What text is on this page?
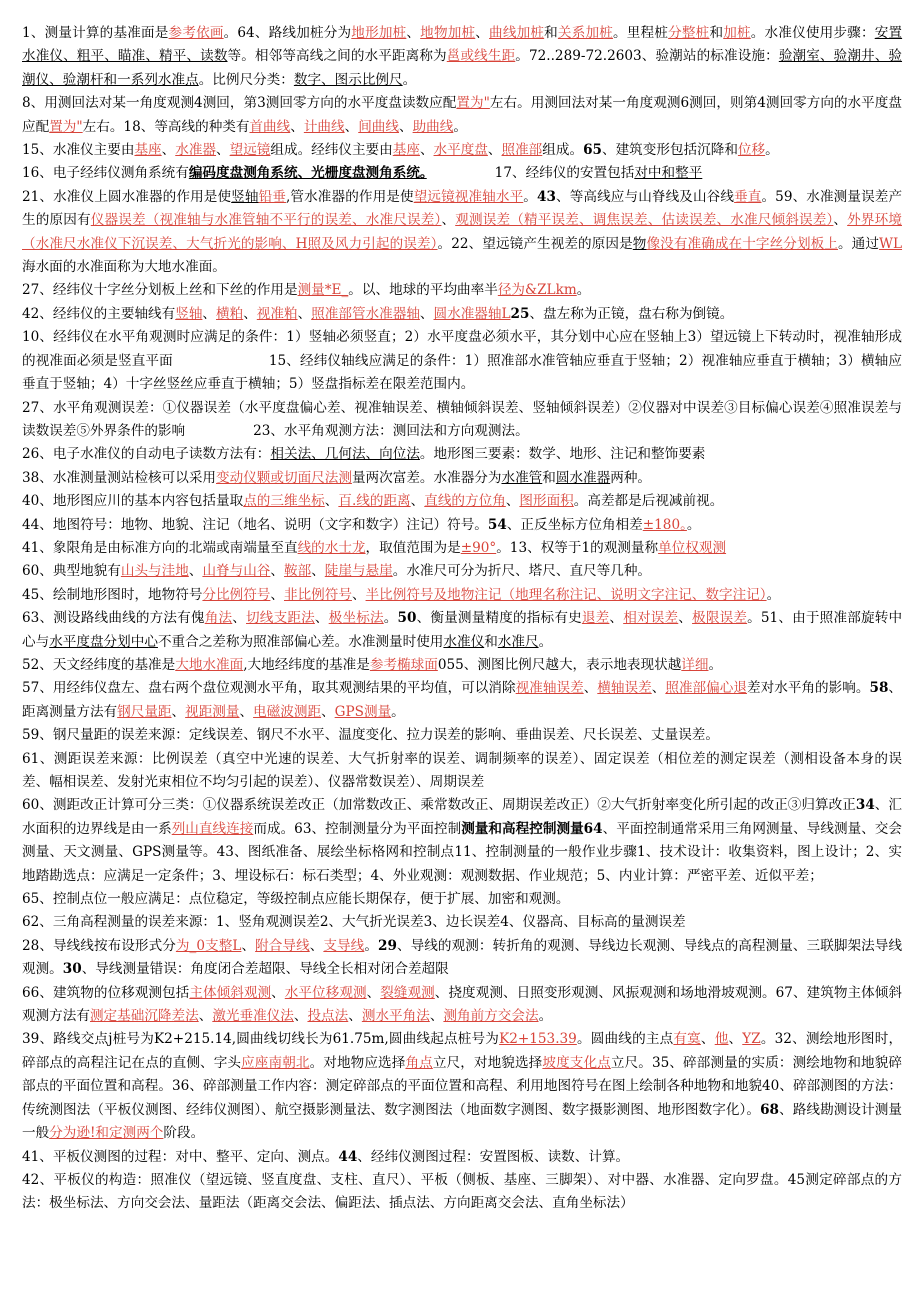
1、测量计算的基准面是参考依画。64、路线加桩分为地形加桩、地物加桩、曲线加桩和关系加桩。里程桩分整桩和加桩。水准仪使用步骤：安置水准仪、粗平、瞄准、精平、读数等。相邻等高线之间的水平距离称为邕或线生距。72..289-72.2603、验潮站的标准设施：验潮室、验潮井、验潮仪、验潮杆和一系列水准点。比例尺分类：数字、图示比例尺。

8、用测回法对某一角度观测4测回，第3测回零方向的水平度盘读数应配置为"左右。用测回法对某一角度观测6测回，则第4测回零方向的水平度盘应配置为"左右。18、等高线的种类有首曲线、计曲线、间曲线、助曲线。

15、水准仪主要由基座、水准器、望远镜组成。经纬仪主要由基座、水平度盘、照准部组成。65、建筑变形包括沉降和位移。

16、电子经纬仪测角系统有编码度盘测角系统、光栅度盘测角系统。　　　　　17、经纬仪的安置包括对中和整平

21、水准仪上圆水准器的作用是使竖轴铅垂,管水准器的作用是使望远镜视准轴水平。43、等高线应与山脊线及山谷线垂直。59、水准测量误差产生的原因有仪器误差（视准轴与水准管轴不平行的误差、水准尺误差）、观测误差（精平误差、调焦误差、估读误差、水准尺倾斜误差）、外界环境（水准尺水准仪下沉误差、大气折光的影响、H照及风力引起的误差）。22、望远镜产生视差的原因是物像没有准确成在十字丝分划板上。通过WL海水面的水准面称为大地水准面。

27、经纬仪十字丝分划板上丝和下丝的作用是测量*E_。以、地球的平均曲率半径为&ZLkm。

42、经纬仪的主要轴线有竖轴、横粕、视准粕、照准部管水准器轴、圆水准器轴L25、盘左称为正镜，盘右称为倒镜。

10、经纬仪在水平角观测时应满足的条件：1）竖轴必须竖直；2）水平度盘必须水平，其分划中心应在竖轴上3）望远镜上下转动时，视准轴形成的视准面必须是竖直平面　　　　　　　15、经纬仪轴线应满足的条件：1）照准部水准管轴应垂直于竖轴；2）视准轴应垂直于横轴；3）横轴应垂直于竖轴；4）十字丝竖丝应垂直于横轴；5）竖盘指标差在限差范围内。

27、水平角观测误差：①仪器误差（水平度盘偏心差、视准轴误差、横轴倾斜误差、竖轴倾斜误差）②仪器对中误差③目标偏心误差④照准误差与读数误差⑤外界条件的影响　　　　　23、水平角观测方法：测回法和方向观测法。

26、电子水准仪的自动电子读数方法有：相关法、几何法、向位法。地形图三要素：数学、地形、注记和整饰要素

38、水准测量测站检核可以采用变动仪颗或切面尺法测量两次富差。水准器分为水准管和圆水准器两种。

40、地形图应川的基本内容包括量取点的三维坐标、百.线的距离、直线的方位角、图形面积。高差都是后视减前视。

44、地图符号：地物、地貌、注记（地名、说明（文字和数字）注记）符号。54、正反坐标方位角相差±180。。

41、象限角是由标准方向的北端或南端量至直线的水士龙，取值范围为是±90°。13、权等于1的观测量称单位权观测

60、典型地貌有山头与洼地、山脊与山谷、鞍部、陡崖与悬崖。水准尺可分为折尺、塔尺、直尺等几种。

45、绘制地形图时，地物符号分比例符号、非比例符号、半比例符号及地物注记（地理名称注记、说明文字注记、数字注记）。

63、测设路线曲线的方法有傀角法、切线支距法、极坐标法。50、衡量测量精度的指标有史退差、相对误差、极限误差。51、由于照准部旋转中心与水平度盘分划中心不重合之差称为照准部偏心差。水准测量时使用水准仪和水准尺。

52、天文经纬度的基准是大地水准面,大地经纬度的基准是参考椭球面055、测图比例尺越大，表示地表现状越详细。

57、用经纬仪盘左、盘右两个盘位观测水平角，取其观测结果的平均值，可以消除视准轴误差、横轴误差、照准部偏心退差对水平角的影响。58、距离测量方法有钢尺量距、视距测量、电磁波测距、GPS测量。

59、钢尺量距的误差来源：定线误差、钢尺不水平、温度变化、拉力误差的影响、垂曲误差、尺长误差、丈量误差。

61、测距误差来源：比例误差（真空中光速的误差、大气折射率的误差、调制频率的误差）、固定误差（相位差的测定误差（测相设备本身的误差、幅相误差、发射光束相位不均匀引起的误差）、仪器常数误差）、周期误差

60、测距改正计算可分三类：①仪器系统误差改正（加常数改正、乘常数改正、周期误差改正）②大气折射率变化所引起的改正③归算改正34、汇水面积的边界线是由一系列山直线连接而成。63、控制测量分为平面控制测量和高程控制测量64、平面控制通常采用三角网测量、导线测量、交会测量、天文测量、GPS测量等。43、图纸准备、展绘坐标格网和控制点11、控制测量的一般作业步骤1、技术设计：收集资料，图上设计；2、实地踏勘选点：应满足一定条件；3、埋设标石：标石类型；4、外业观测：观测数据、作业规范；5、内业计算：严密平差、近似平差；

65、控制点位一般应满足：点位稳定，等级控制点应能长期保存，便于扩展、加密和观测。

62、三角高程测量的误差来源：1、竖角观测误差2、大气折光误差3、边长误差4、仪器高、目标高的量测误差

28、导线线按布设形式分为_0支整L、附合导线、支导线。29、导线的观测：转折角的观测、导线边长观测、导线点的高程测量、三联脚架法导线观测。30、导线测量错误：角度闭合差超限、导线全长相对闭合差超限

66、建筑物的位移观测包括主体倾斜观测、水平位移观测、裂缝观测、挠度观测、日照变形观测、风振观测和场地滑坡观测。67、建筑物主体倾斜观测方法有测定基础沉降差法、激光垂准仪法、投点法、测水平角法、测角前方交会法。

39、路线交点j桩号为K2+215.14,圆曲线切线长为61.75m,圆曲线起点桩号为K2+153.39。圆曲线的主点有寞、他、YZ。32、测绘地形图时，碎部点的高程注记在点的直侧、字头应座南朝北。对地物应选择角点立尺，对地貌选择坡度支化点立尺。35、碎部测量的实质：测绘地物和地貌碎部点的平面位置和高程。36、碎部测量工作内容：测定碎部点的平面位置和高程、利用地图符号在图上绘制各种地物和地貌40、碎部测图的方法：传统测图法（平板仪测图、经纬仪测图）、航空摄影测量法、数字测图法（地面数字测图、数字摄影测图、地形图数字化）。68、路线勘测设计测量一般分为逊!和定测两个阶段。

41、平板仪测图的过程：对中、整平、定向、测点。44、经纬仪测图过程：安置图板、读数、计算。

42、平板仪的构造：照准仪（望远镜、竖直度盘、支柱、直尺）、平板（侧板、基座、三脚架）、对中器、水准器、定向罗盘。45测定碎部点的方法：极坐标法、方向交会法、量距法（距离交会法、偏距法、插点法、方向距离交会法、直角坐标法）
